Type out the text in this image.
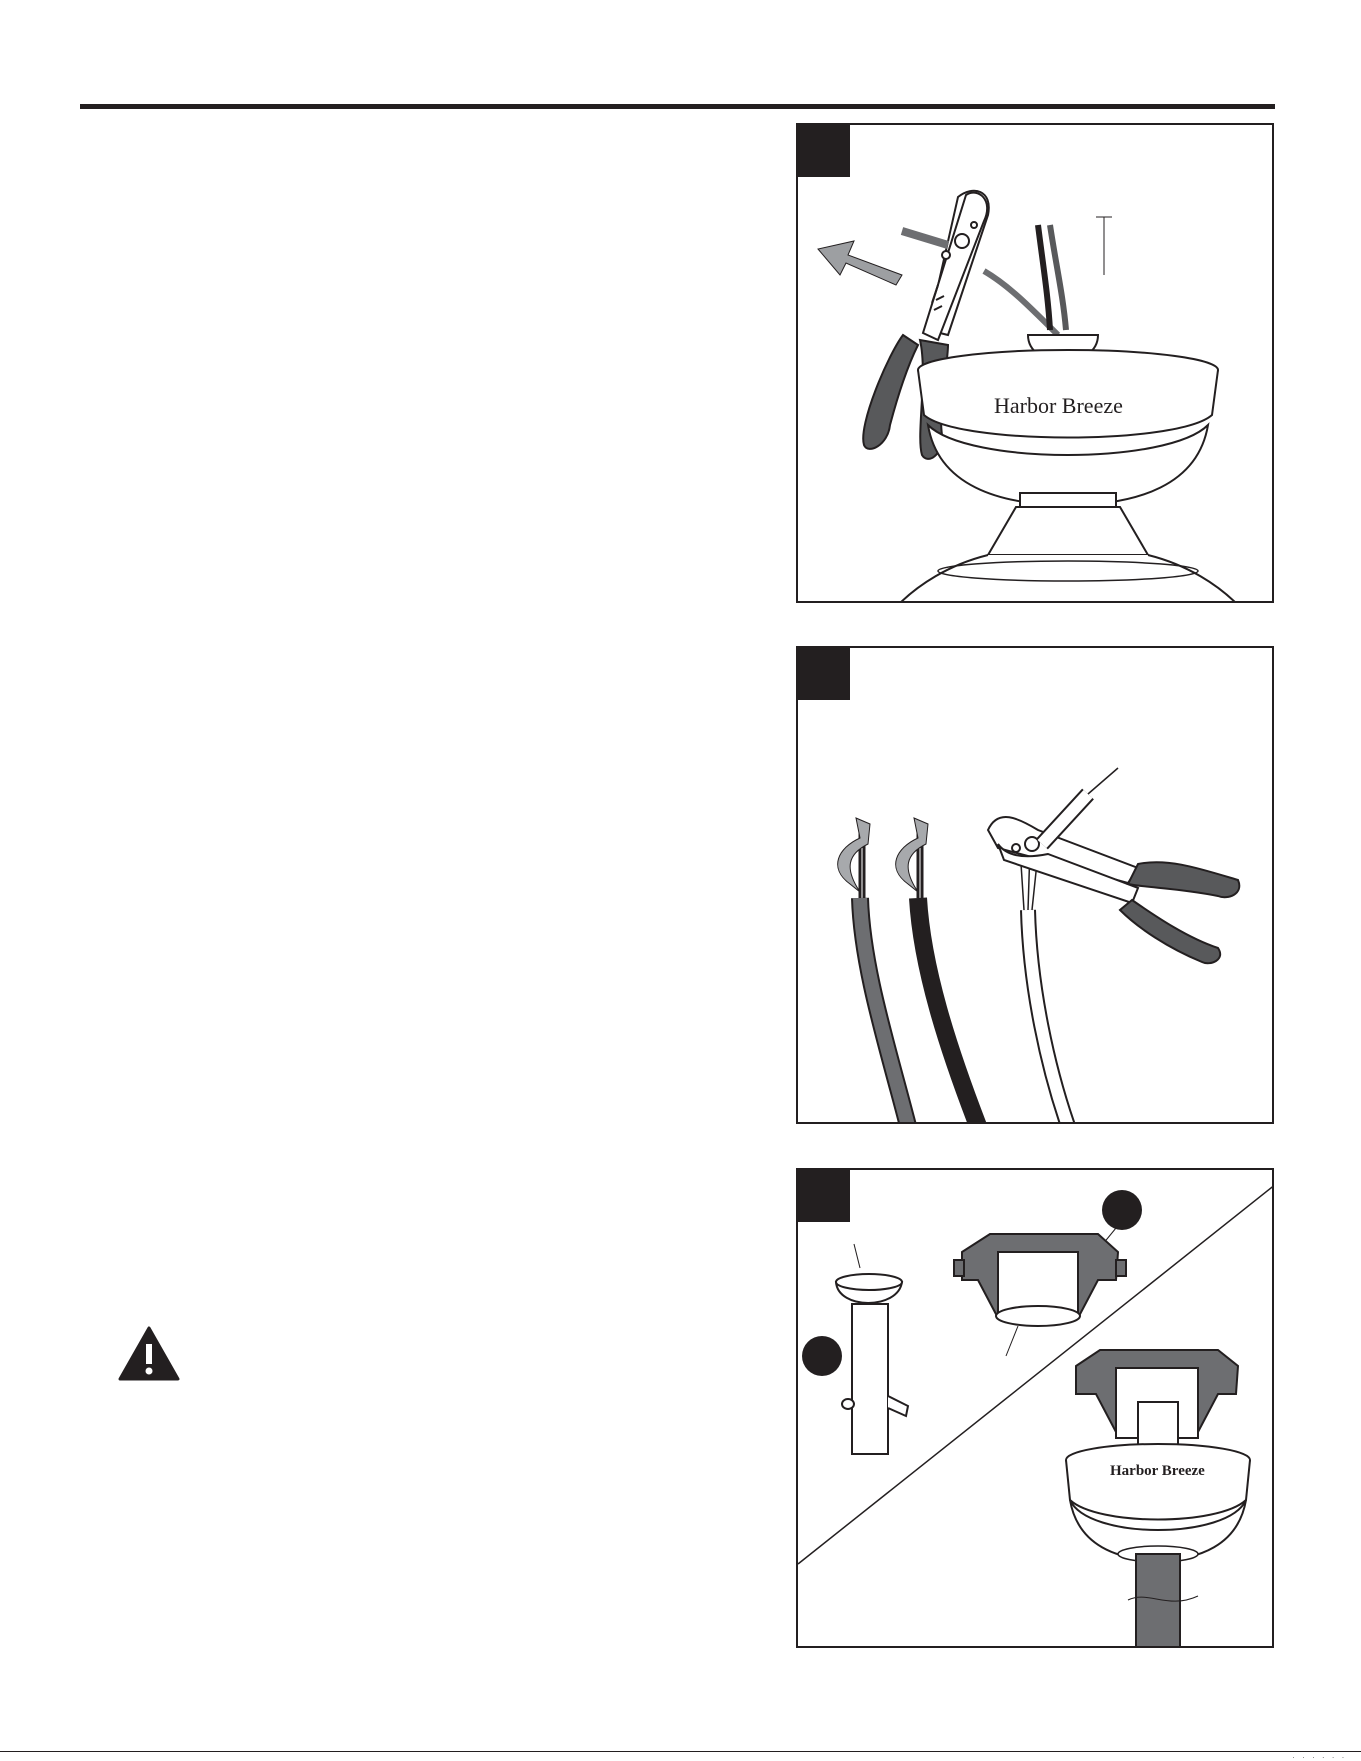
Harbor Breeze
Harbor Breeze
. . . . . .
